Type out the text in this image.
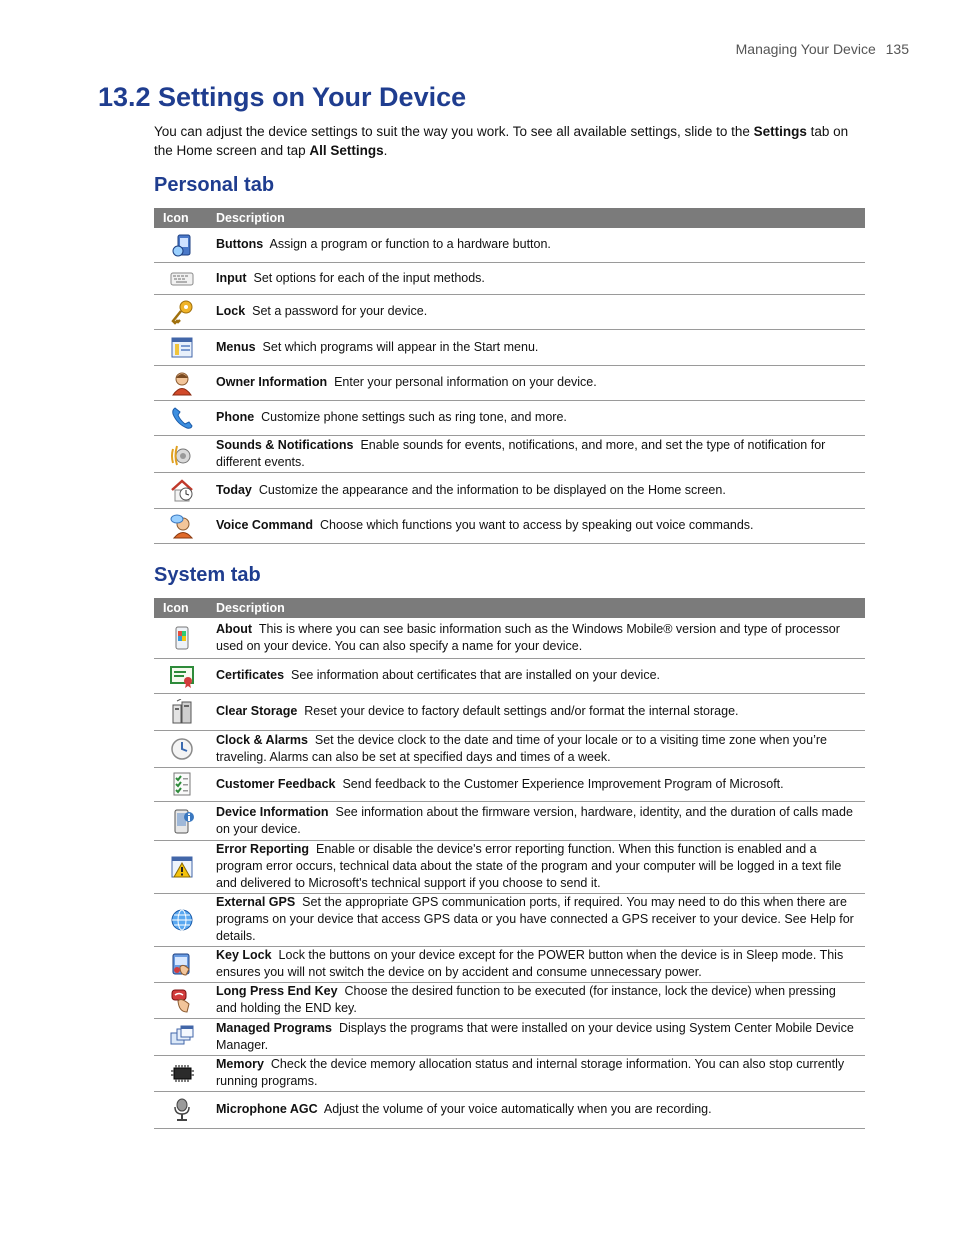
Managing Your Device 135
13.2 Settings on Your Device

You can adjust the device settings to suit the way you work. To see all available settings, slide to the Settings tab on the Home screen and tap All Settings.

Personal tab
Icon	Description

	Buttons Assign a program or function to a hardware button.

	Input Set options for each of the input methods.

	Lock Set a password for your device.

	Menus Set which programs will appear in the Start menu.

	Owner Information Enter your personal information on your device.

	Phone Customize phone settings such as ring tone, and more.

	Sounds & Notifications Enable sounds for events, notifications, and more, and set the type of notification for different events.

	Today Customize the appearance and the information to be displayed on the Home screen.

	Voice Command Choose which functions you want to access by speaking out voice commands.
System tab
Icon	Description

	About This is where you can see basic information such as the Windows Mobile® version and type of processor used on your device. You can also specify a name for your device.

	Certificates See information about certificates that are installed on your device.

	Clear Storage Reset your device to factory default settings and/or format the internal storage.

	Clock & Alarms Set the device clock to the date and time of your locale or to a visiting time zone when you’re traveling. Alarms can also be set at specified days and times of a week.

	Customer Feedback Send feedback to the Customer Experience Improvement Program of Microsoft.

	Device Information See information about the firmware version, hardware, identity, and the duration of calls made on your device.

	Error Reporting Enable or disable the device's error reporting function. When this function is enabled and a program error occurs, technical data about the state of the program and your computer will be logged in a text file and delivered to Microsoft's technical support if you choose to send it.

	External GPS Set the appropriate GPS communication ports, if required. You may need to do this when there are programs on your device that access GPS data or you have connected a GPS receiver to your device. See Help for details.

	Key Lock Lock the buttons on your device except for the POWER button when the device is in Sleep mode. This ensures you will not switch the device on by accident and consume unnecessary power.

	Long Press End Key Choose the desired function to be executed (for instance, lock the device) when pressing and holding the END key.

	Managed Programs Displays the programs that were installed on your device using System Center Mobile Device Manager.

	Memory Check the device memory allocation status and internal storage information. You can also stop currently running programs.

	Microphone AGC Adjust the volume of your voice automatically when you are recording.
